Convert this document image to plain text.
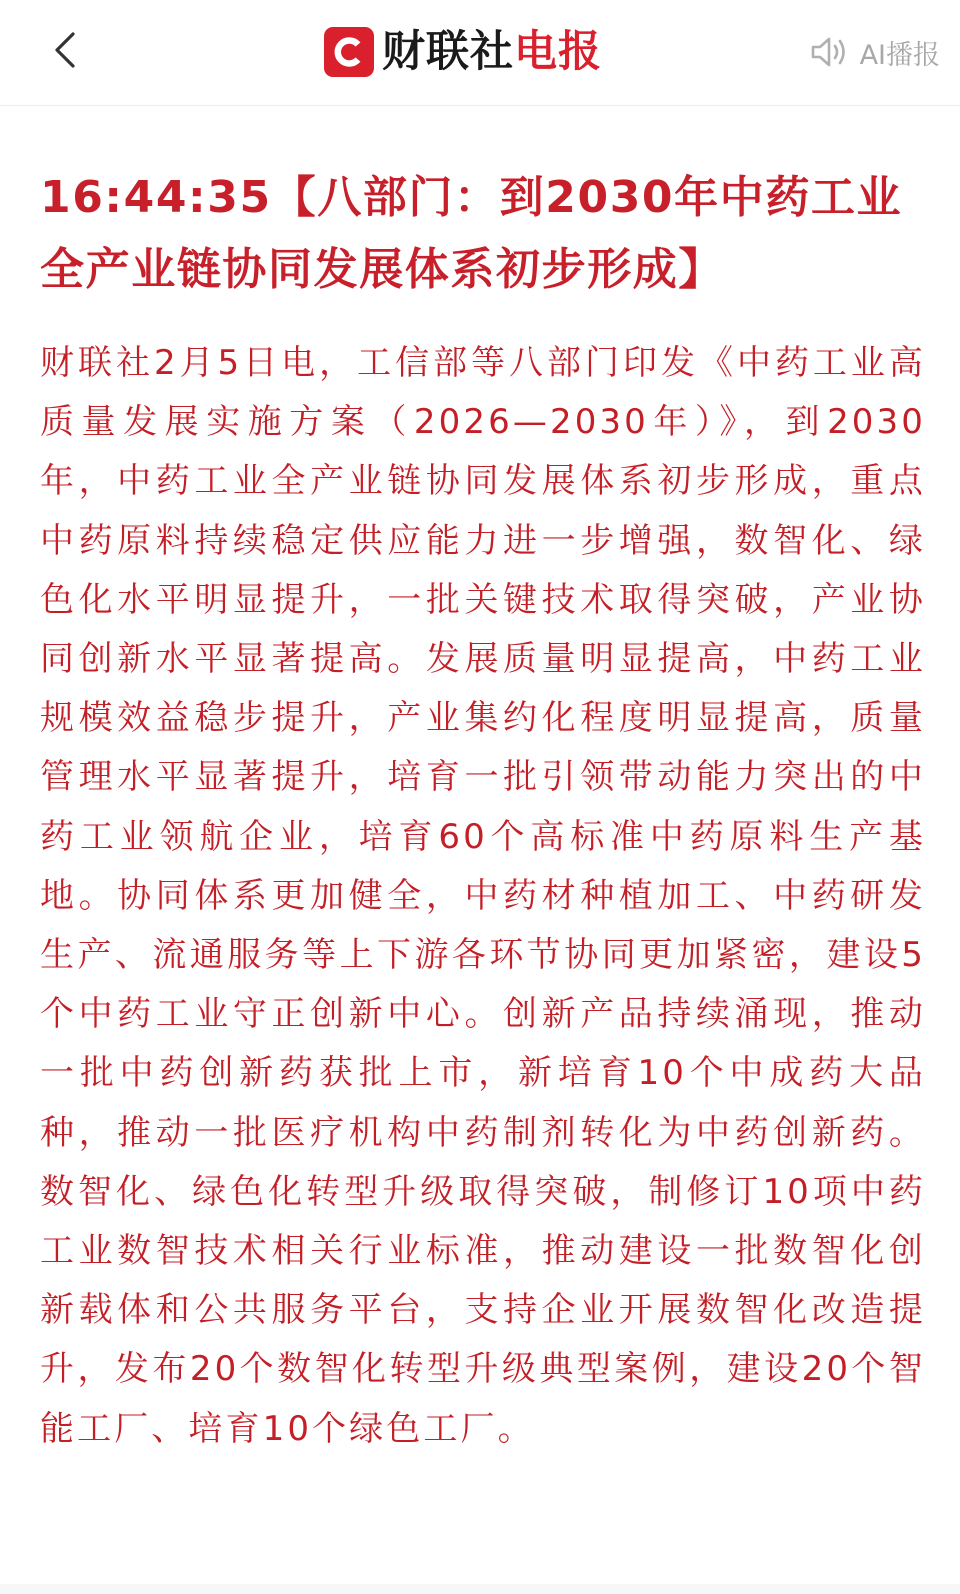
财联社电报	AI播报
16:44:35【八部门：到2030年中药工业全产业链协同发展体系初步形成】

财联社2月5日电，工信部等八部门印发《中药工业高质量发展实施方案（2026—2030年）》，到2030年，中药工业全产业链协同发展体系初步形成，重点中药原料持续稳定供应能力进一步增强，数智化、绿色化水平明显提升，一批关键技术取得突破，产业协同创新水平显著提高。发展质量明显提高，中药工业规模效益稳步提升，产业集约化程度明显提高，质量管理水平显著提升，培育一批引领带动能力突出的中药工业领航企业，培育60个高标准中药原料生产基地。协同体系更加健全，中药材种植加工、中药研发生产、流通服务等上下游各环节协同更加紧密，建设5个中药工业守正创新中心。创新产品持续涌现，推动一批中药创新药获批上市，新培育10个中成药大品种，推动一批医疗机构中药制剂转化为中药创新药。数智化、绿色化转型升级取得突破，制修订10项中药工业数智技术相关行业标准，推动建设一批数智化创新载体和公共服务平台，支持企业开展数智化改造提升，发布20个数智化转型升级典型案例，建设20个智能工厂、培育10个绿色工厂。
